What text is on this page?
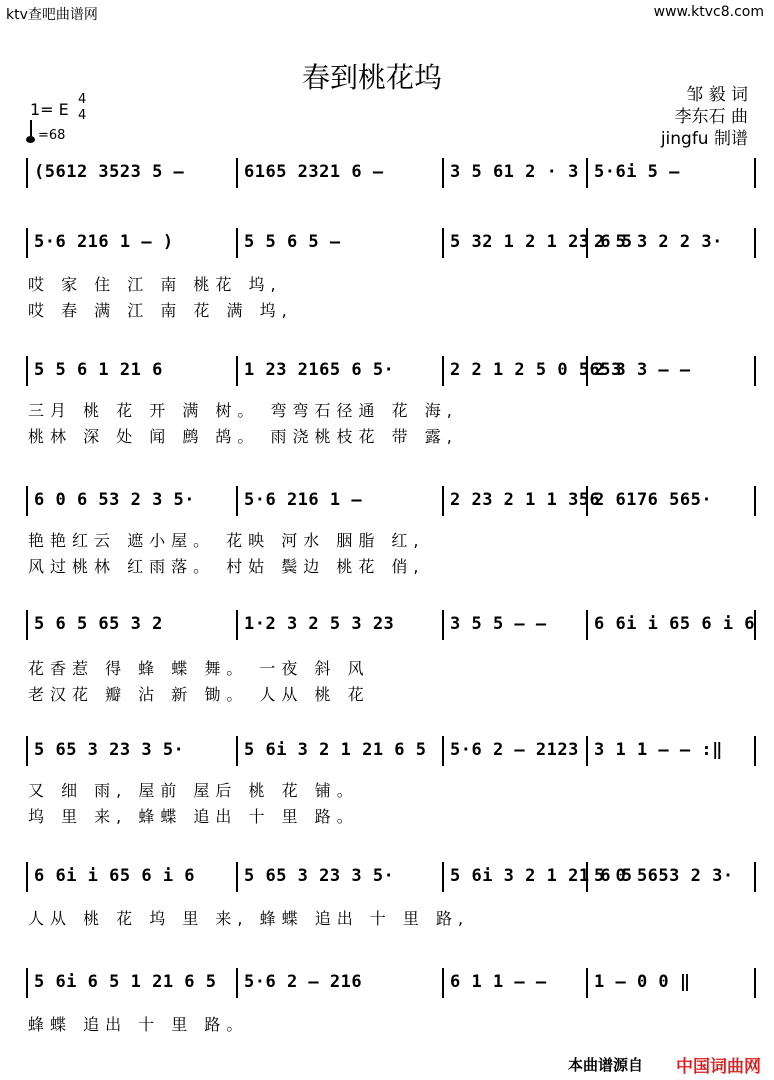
ktv查吧曲谱网	www.ktvc8.com
春到桃花坞
邹 毅 词
李东石 曲
jingfu 制谱
1= E
4
4
=68
(5612 3523 5 –	6165 2321 6 –	3 5 61 2 · 3 5·6i 5 –
5·6 216 1 – )	5 5 6 5 –	5 32 1 2 1 23 6 5
2 5 3 2 2 3·
5 5 6 1 21 6	1 23 2165 6 5·	2 2 1 2 5 0 5653
2 3 3 – –
6 0 6 53 2 3 5·	5·6 216 1 –	2 23 2 1 1 356
2 6176 565·
5 6 5 65 3 2	1·2 3 2 5 3 23	3 5 5 – –	6 6i i 65 6 i 6
5 65 3 23 3 5·	5 6i 3 2 1 21 6 5 5·6 2 – 2123 3 1 1 – – :‖
6 6i i 65 6 i 6	5 65 3 23 3 5·	5 6i 3 2 1 21 6 5
5 0 5653 2 3·
5 6i 6 5 1 21 6 5 5·6 2 – 216	6 1 1 – –	1 – 0 0 ‖
哎 家 住 江 南 桃花 坞,
哎 春 满 江 南 花 满 坞,
三月 桃 花 开 满 树。 弯弯石径通 花 海,
桃林 深 处 闻 鹧 鸪。 雨浇桃枝花 带 露,
艳艳红云 遮小屋。 花映 河水 胭脂 红,
风过桃林 红雨落。 村姑 鬓边 桃花 俏,
花香惹 得 蜂 蝶 舞。 一夜 斜 风
老汉花 瓣 沾 新 锄。 人从 桃 花
又 细 雨, 屋前 屋后 桃 花 铺。
坞 里 来, 蜂蝶 追出 十 里 路。
人从 桃 花 坞 里 来, 蜂蝶 追出 十 里 路,
蜂蝶 追出 十 里 路。
本曲谱源自 中国词曲网
